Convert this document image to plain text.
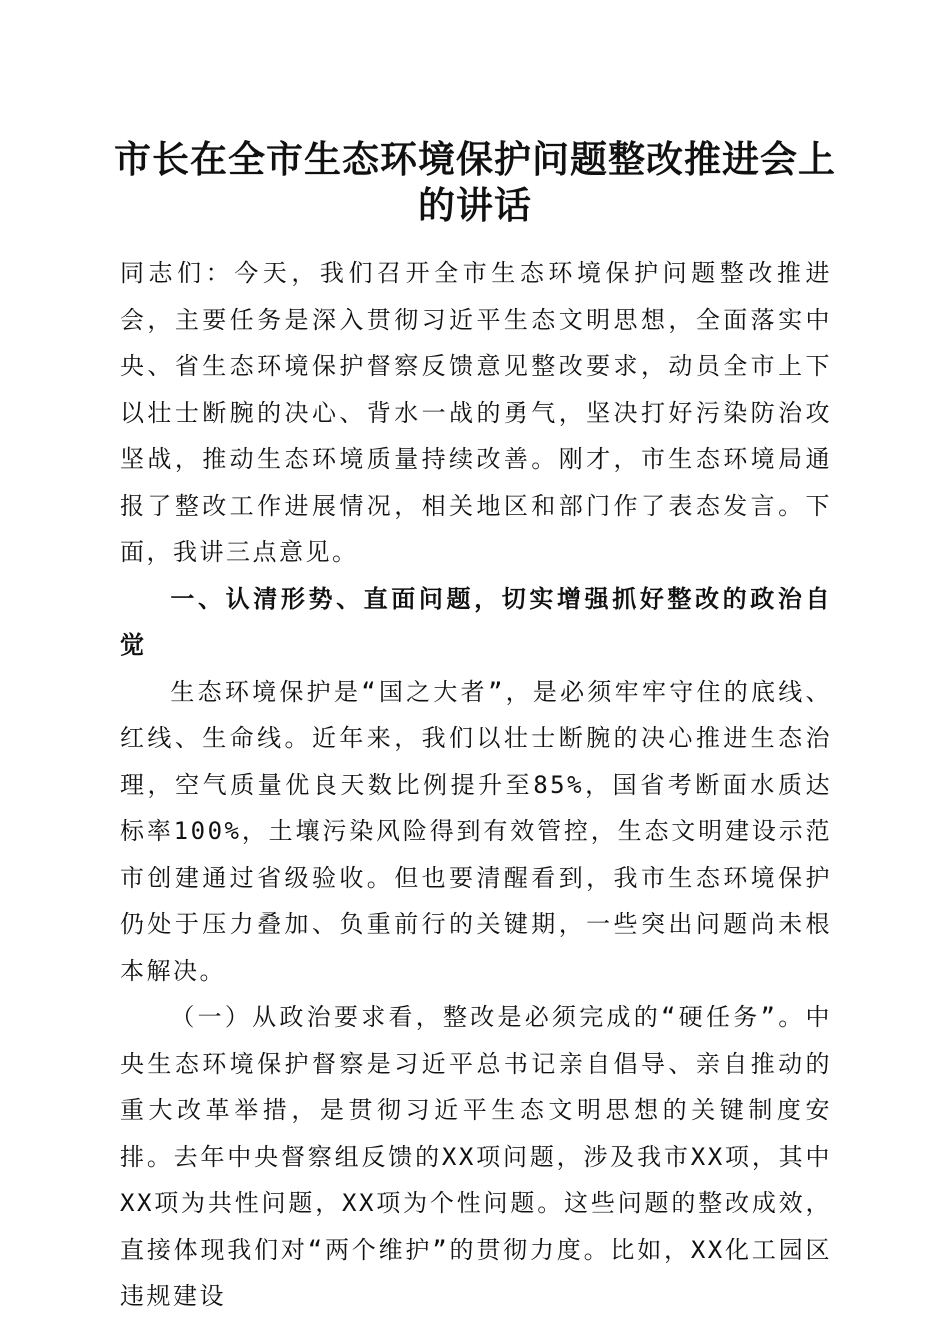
市长在全市生态环境保护问题整改推进会上的讲话

同志们：今天，我们召开全市生态环境保护问题整改推进会，主要任务是深入贯彻习近平生态文明思想，全面落实中央、省生态环境保护督察反馈意见整改要求，动员全市上下以壮士断腕的决心、背水一战的勇气，坚决打好污染防治攻坚战，推动生态环境质量持续改善。刚才，市生态环境局通报了整改工作进展情况，相关地区和部门作了表态发言。下面，我讲三点意见。

一、认清形势、直面问题，切实增强抓好整改的政治自觉

生态环境保护是“国之大者”，是必须牢牢守住的底线、红线、生命线。近年来，我们以壮士断腕的决心推进生态治理，空气质量优良天数比例提升至85%，国省考断面水质达标率100%，土壤污染风险得到有效管控，生态文明建设示范市创建通过省级验收。但也要清醒看到，我市生态环境保护仍处于压力叠加、负重前行的关键期，一些突出问题尚未根本解决。

（一）从政治要求看，整改是必须完成的“硬任务”。中央生态环境保护督察是习近平总书记亲自倡导、亲自推动的重大改革举措，是贯彻习近平生态文明思想的关键制度安排。去年中央督察组反馈的XX项问题，涉及我市XX项，其中XX项为共性问题，XX项为个性问题。这些问题的整改成效，直接体现我们对“两个维护”的贯彻力度。比如，XX化工园区违规建设
